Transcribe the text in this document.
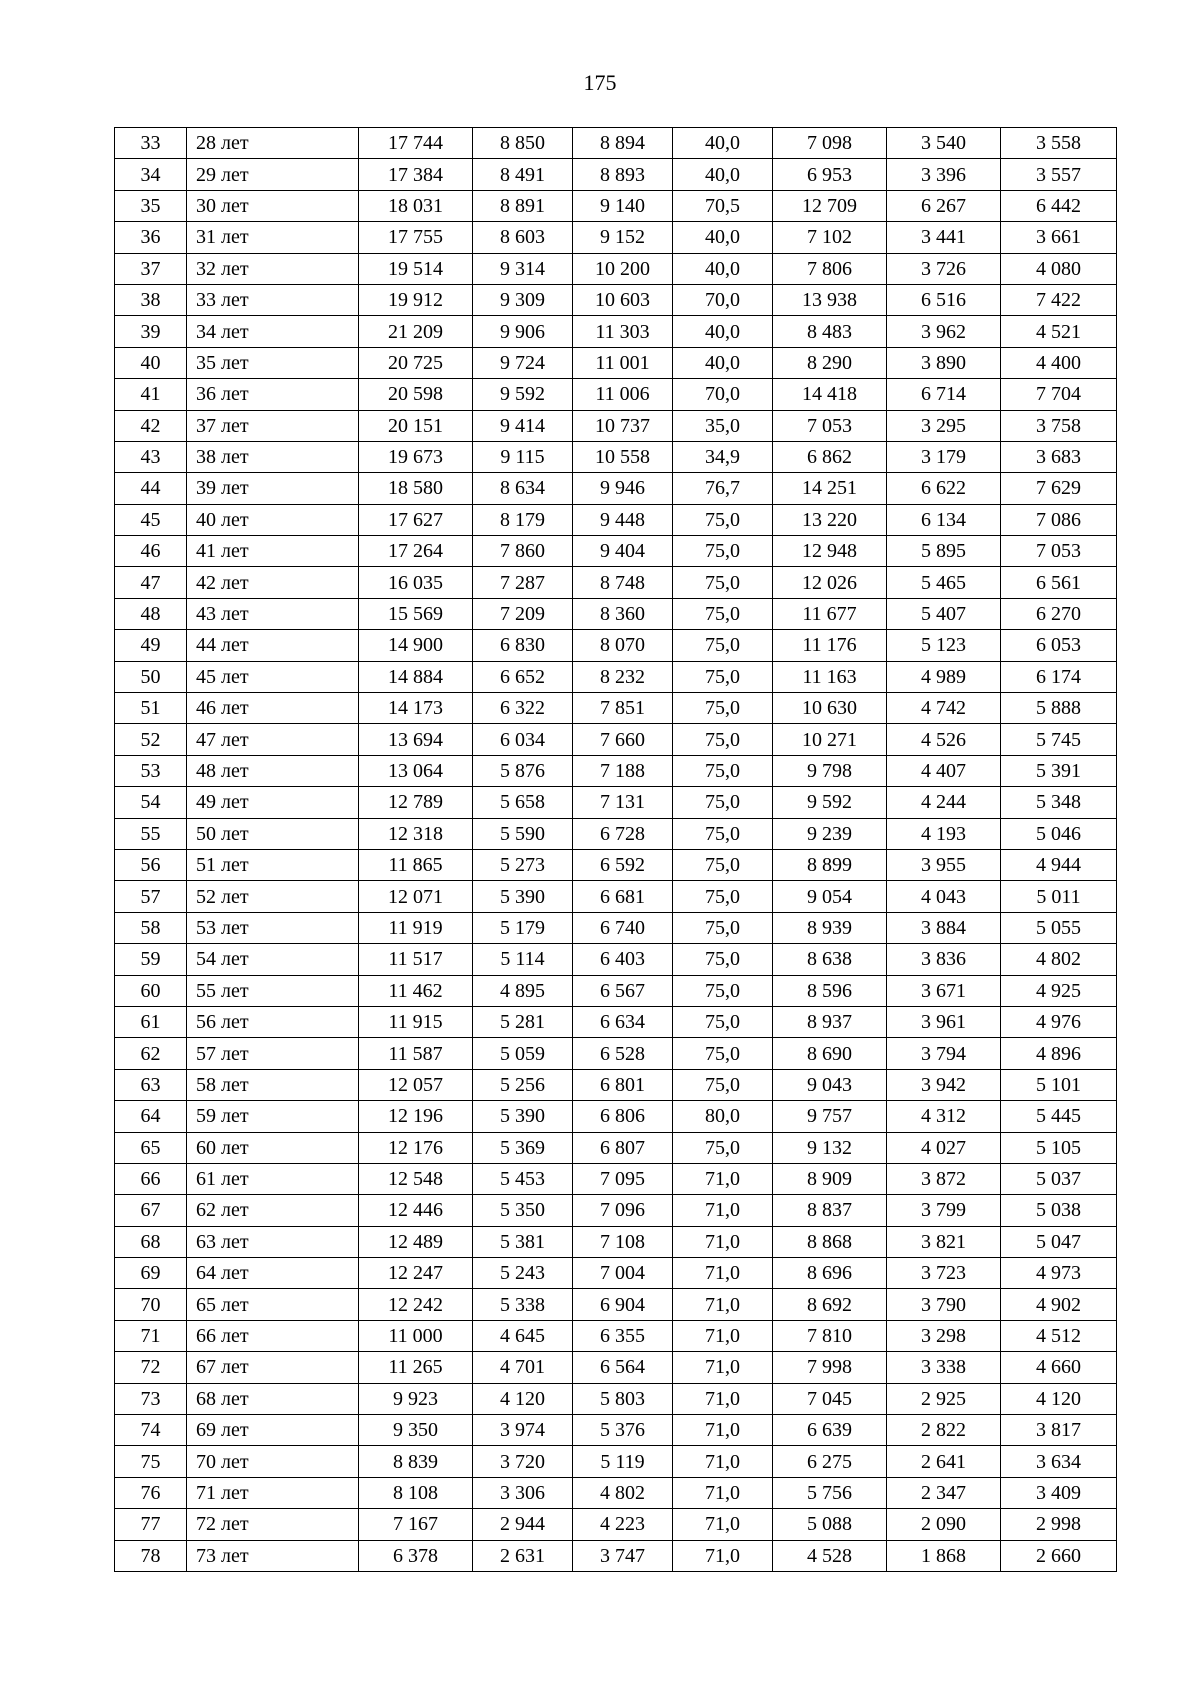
175
33	28 лет	17 744	8 850	8 894	40,0	7 098	3 540	3 558
34	29 лет	17 384	8 491	8 893	40,0	6 953	3 396	3 557
35	30 лет	18 031	8 891	9 140	70,5	12 709	6 267	6 442
36	31 лет	17 755	8 603	9 152	40,0	7 102	3 441	3 661
37	32 лет	19 514	9 314	10 200	40,0	7 806	3 726	4 080
38	33 лет	19 912	9 309	10 603	70,0	13 938	6 516	7 422
39	34 лет	21 209	9 906	11 303	40,0	8 483	3 962	4 521
40	35 лет	20 725	9 724	11 001	40,0	8 290	3 890	4 400
41	36 лет	20 598	9 592	11 006	70,0	14 418	6 714	7 704
42	37 лет	20 151	9 414	10 737	35,0	7 053	3 295	3 758
43	38 лет	19 673	9 115	10 558	34,9	6 862	3 179	3 683
44	39 лет	18 580	8 634	9 946	76,7	14 251	6 622	7 629
45	40 лет	17 627	8 179	9 448	75,0	13 220	6 134	7 086
46	41 лет	17 264	7 860	9 404	75,0	12 948	5 895	7 053
47	42 лет	16 035	7 287	8 748	75,0	12 026	5 465	6 561
48	43 лет	15 569	7 209	8 360	75,0	11 677	5 407	6 270
49	44 лет	14 900	6 830	8 070	75,0	11 176	5 123	6 053
50	45 лет	14 884	6 652	8 232	75,0	11 163	4 989	6 174
51	46 лет	14 173	6 322	7 851	75,0	10 630	4 742	5 888
52	47 лет	13 694	6 034	7 660	75,0	10 271	4 526	5 745
53	48 лет	13 064	5 876	7 188	75,0	9 798	4 407	5 391
54	49 лет	12 789	5 658	7 131	75,0	9 592	4 244	5 348
55	50 лет	12 318	5 590	6 728	75,0	9 239	4 193	5 046
56	51 лет	11 865	5 273	6 592	75,0	8 899	3 955	4 944
57	52 лет	12 071	5 390	6 681	75,0	9 054	4 043	5 011
58	53 лет	11 919	5 179	6 740	75,0	8 939	3 884	5 055
59	54 лет	11 517	5 114	6 403	75,0	8 638	3 836	4 802
60	55 лет	11 462	4 895	6 567	75,0	8 596	3 671	4 925
61	56 лет	11 915	5 281	6 634	75,0	8 937	3 961	4 976
62	57 лет	11 587	5 059	6 528	75,0	8 690	3 794	4 896
63	58 лет	12 057	5 256	6 801	75,0	9 043	3 942	5 101
64	59 лет	12 196	5 390	6 806	80,0	9 757	4 312	5 445
65	60 лет	12 176	5 369	6 807	75,0	9 132	4 027	5 105
66	61 лет	12 548	5 453	7 095	71,0	8 909	3 872	5 037
67	62 лет	12 446	5 350	7 096	71,0	8 837	3 799	5 038
68	63 лет	12 489	5 381	7 108	71,0	8 868	3 821	5 047
69	64 лет	12 247	5 243	7 004	71,0	8 696	3 723	4 973
70	65 лет	12 242	5 338	6 904	71,0	8 692	3 790	4 902
71	66 лет	11 000	4 645	6 355	71,0	7 810	3 298	4 512
72	67 лет	11 265	4 701	6 564	71,0	7 998	3 338	4 660
73	68 лет	9 923	4 120	5 803	71,0	7 045	2 925	4 120
74	69 лет	9 350	3 974	5 376	71,0	6 639	2 822	3 817
75	70 лет	8 839	3 720	5 119	71,0	6 275	2 641	3 634
76	71 лет	8 108	3 306	4 802	71,0	5 756	2 347	3 409
77	72 лет	7 167	2 944	4 223	71,0	5 088	2 090	2 998
78	73 лет	6 378	2 631	3 747	71,0	4 528	1 868	2 660
